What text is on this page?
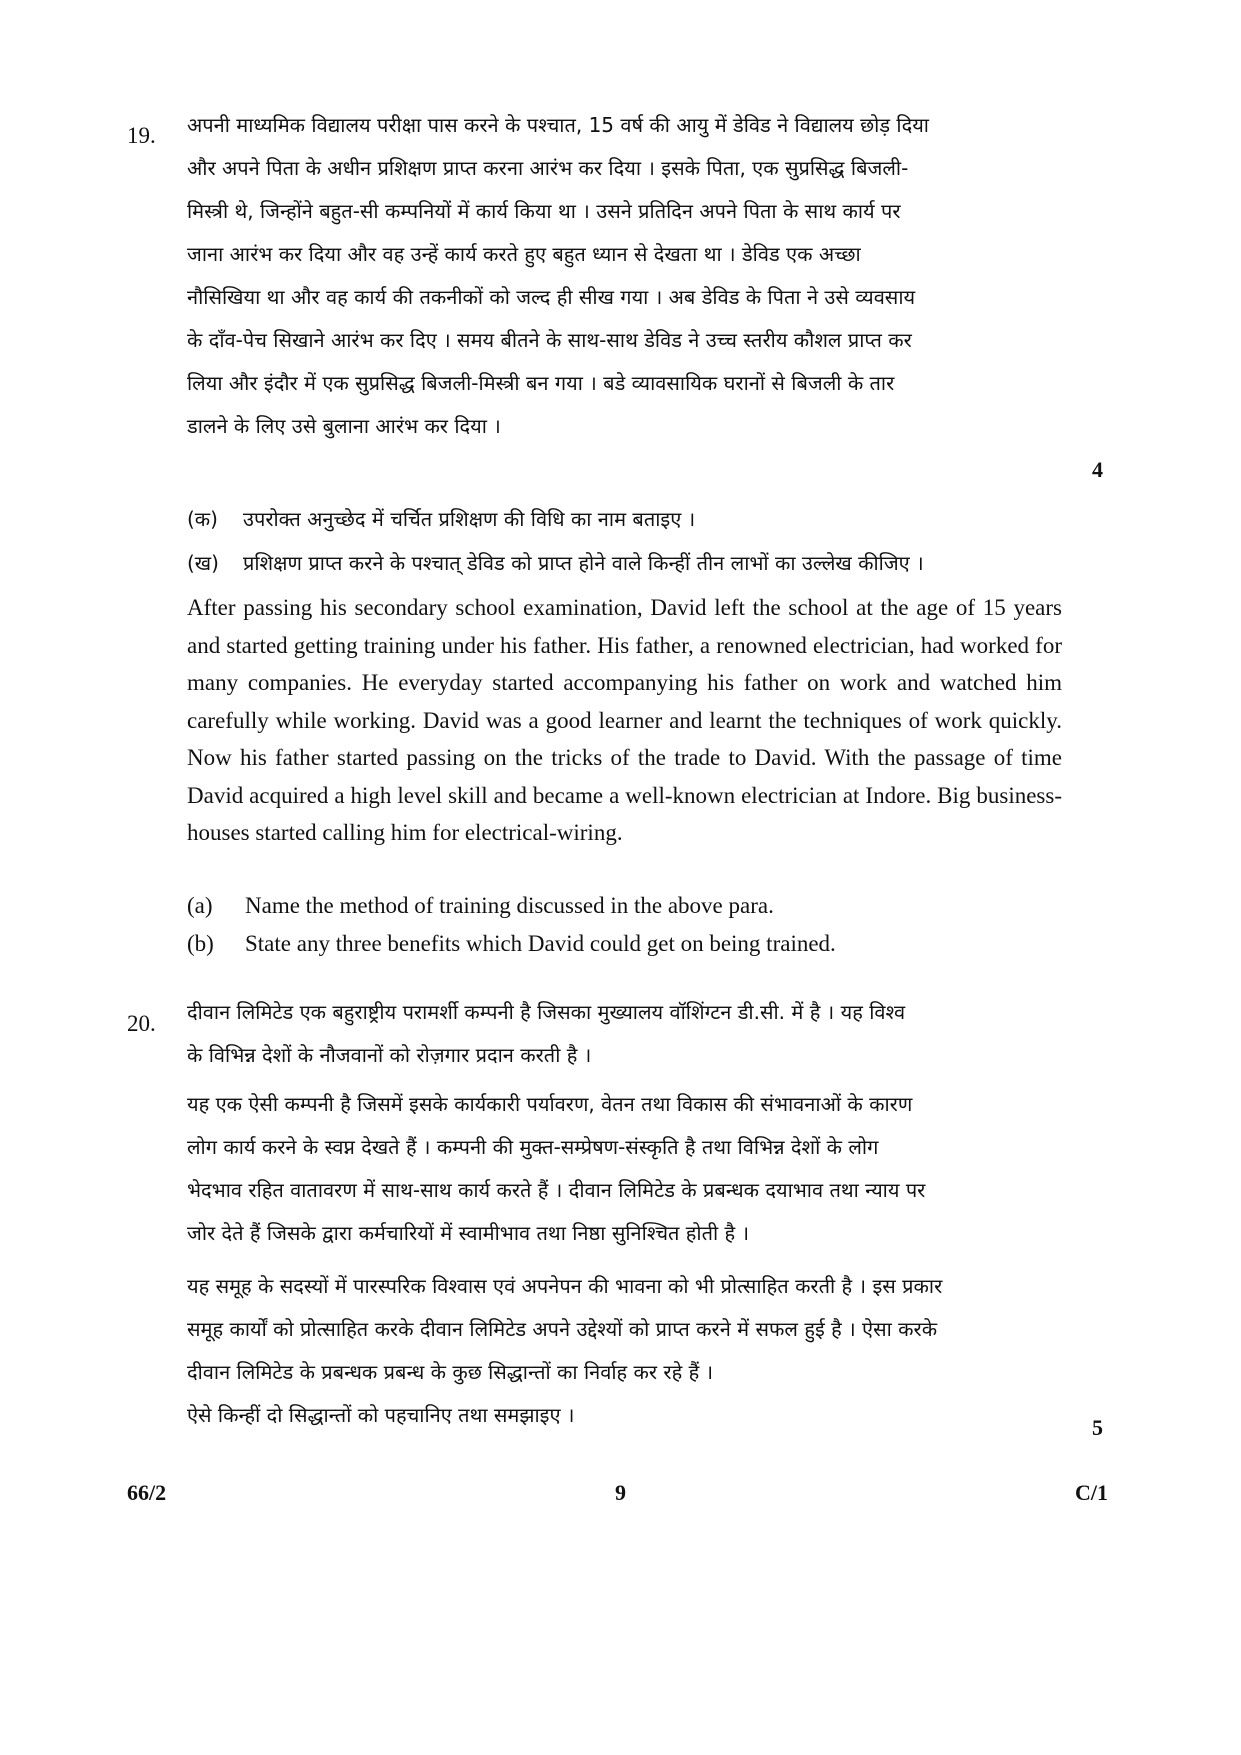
19. अपनी माध्यमिक विद्यालय परीक्षा पास करने के पश्चात, 15 वर्ष की आयु में डेविड ने विद्यालय छोड़ दिया
और अपने पिता के अधीन प्रशिक्षण प्राप्त करना आरंभ कर दिया । इसके पिता, एक सुप्रसिद्ध बिजली-
मिस्त्री थे, जिन्होंने बहुत-सी कम्पनियों में कार्य किया था । उसने प्रतिदिन अपने पिता के साथ कार्य पर
जाना आरंभ कर दिया और वह उन्हें कार्य करते हुए बहुत ध्यान से देखता था । डेविड एक अच्छा
नौसिखिया था और वह कार्य की तकनीकों को जल्द ही सीख गया । अब डेविड के पिता ने उसे व्यवसाय
के दाँव-पेच सिखाने आरंभ कर दिए । समय बीतने के साथ-साथ डेविड ने उच्च स्तरीय कौशल प्राप्त कर
लिया और इंदौर में एक सुप्रसिद्ध बिजली-मिस्त्री बन गया । बडे व्यावसायिक घरानों से बिजली के तार
डालने के लिए उसे बुलाना आरंभ कर दिया ।
4
(क)	उपरोक्त अनुच्छेद में चर्चित प्रशिक्षण की विधि का नाम बताइए ।
(ख)	प्रशिक्षण प्राप्त करने के पश्चात् डेविड को प्राप्त होने वाले किन्हीं तीन लाभों का उल्लेख कीजिए ।
After passing his secondary school examination, David left the school at the age of 15 years and started getting training under his father. His father, a renowned electrician, had worked for many companies. He everyday started accompanying his father on work and watched him carefully while working. David was a good learner and learnt the techniques of work quickly. Now his father started passing on the tricks of the trade to David. With the passage of time David acquired a high level skill and became a well-known electrician at Indore. Big business-houses started calling him for electrical-wiring.
(a)	Name the method of training discussed in the above para.
(b)	State any three benefits which David could get on being trained.
20. दीवान लिमिटेड एक बहुराष्ट्रीय परामर्शी कम्पनी है जिसका मुख्यालय वॉशिंग्टन डी.सी. में है । यह विश्व
के विभिन्न देशों के नौजवानों को रोज़गार प्रदान करती है ।
यह एक ऐसी कम्पनी है जिसमें इसके कार्यकारी पर्यावरण, वेतन तथा विकास की संभावनाओं के कारण
लोग कार्य करने के स्वप्न देखते हैं । कम्पनी की मुक्त-सम्प्रेषण-संस्कृति है तथा विभिन्न देशों के लोग
भेदभाव रहित वातावरण में साथ-साथ कार्य करते हैं । दीवान लिमिटेड के प्रबन्धक दयाभाव तथा न्याय पर
जोर देते हैं जिसके द्वारा कर्मचारियों में स्वामीभाव तथा निष्ठा सुनिश्चित होती है ।
यह समूह के सदस्यों में पारस्परिक विश्वास एवं अपनेपन की भावना को भी प्रोत्साहित करती है । इस प्रकार
समूह कार्यों को प्रोत्साहित करके दीवान लिमिटेड अपने उद्देश्यों को प्राप्त करने में सफल हुई है । ऐसा करके
दीवान लिमिटेड के प्रबन्धक प्रबन्ध के कुछ सिद्धान्तों का निर्वाह कर रहे हैं ।
ऐसे किन्हीं दो सिद्धान्तों को पहचानिए तथा समझाइए ।	5
66/2	9	C/1
